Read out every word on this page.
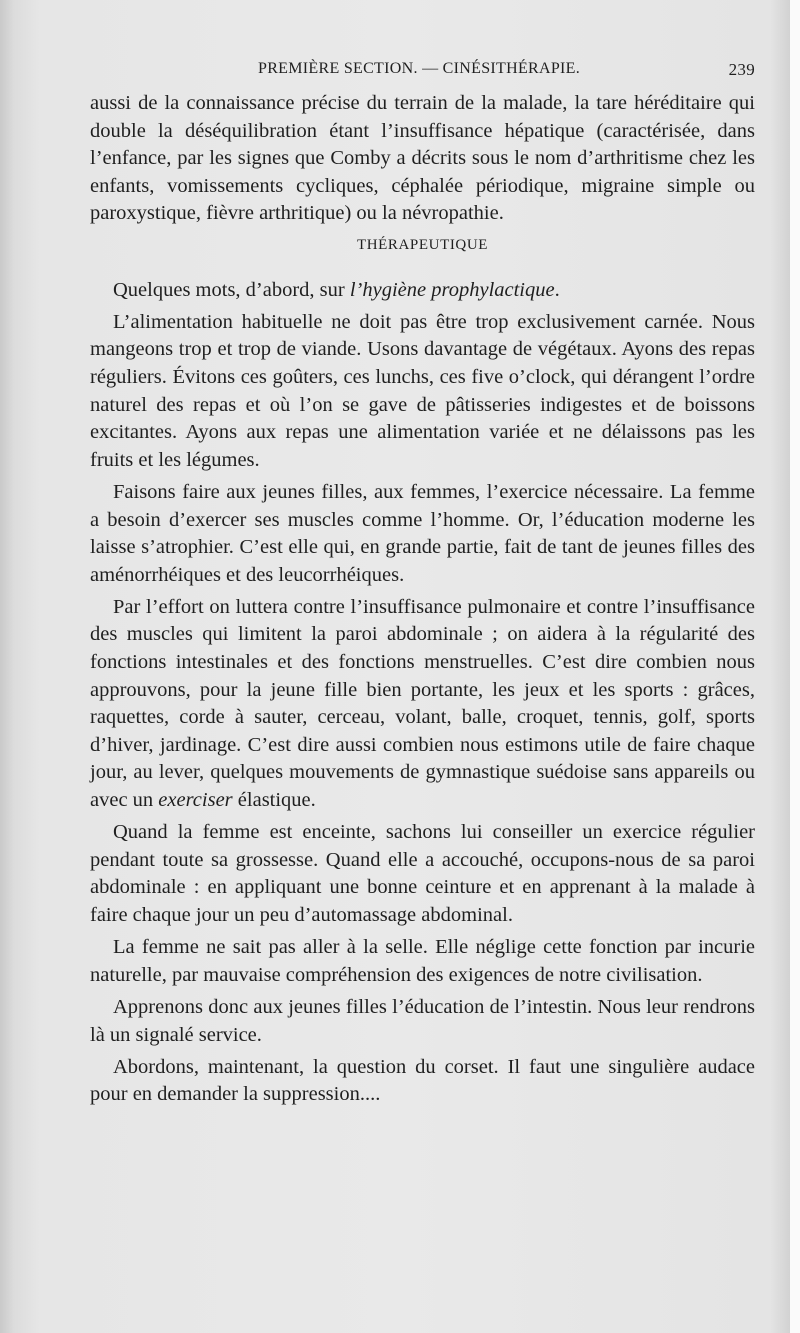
PREMIÈRE SECTION. — CINÉSITHÉRAPIE.	239

aussi de la connaissance précise du terrain de la malade, la tare héréditaire qui double la déséquilibration étant l’insuffisance hépatique (caractérisée, dans l’enfance, par les signes que Comby a décrits sous le nom d’arthritisme chez les enfants, vomissements cycliques, céphalée périodique, migraine simple ou paroxystique, fièvre arthritique) ou la névropathie.

THÉRAPEUTIQUE

Quelques mots, d’abord, sur l’hygiène prophylactique.

L’alimentation habituelle ne doit pas être trop exclusivement carnée. Nous mangeons trop et trop de viande. Usons davantage de végétaux. Ayons des repas réguliers. Évitons ces goûters, ces lunchs, ces five o’clock, qui dérangent l’ordre naturel des repas et où l’on se gave de pâtisseries indigestes et de boissons excitantes. Ayons aux repas une alimentation variée et ne délaissons pas les fruits et les légumes.

Faisons faire aux jeunes filles, aux femmes, l’exercice nécessaire. La femme a besoin d’exercer ses muscles comme l’homme. Or, l’éducation moderne les laisse s’atrophier. C’est elle qui, en grande partie, fait de tant de jeunes filles des aménorrhéiques et des leucorrhéiques.

Par l’effort on luttera contre l’insuffisance pulmonaire et contre l’insuffisance des muscles qui limitent la paroi abdominale ; on aidera à la régularité des fonctions intestinales et des fonctions menstruelles. C’est dire combien nous approuvons, pour la jeune fille bien portante, les jeux et les sports : grâces, raquettes, corde à sauter, cerceau, volant, balle, croquet, tennis, golf, sports d’hiver, jardinage. C’est dire aussi combien nous estimons utile de faire chaque jour, au lever, quelques mouvements de gymnastique suédoise sans appareils ou avec un exerciser élastique.

Quand la femme est enceinte, sachons lui conseiller un exercice régulier pendant toute sa grossesse. Quand elle a accouché, occupons-nous de sa paroi abdominale : en appliquant une bonne ceinture et en apprenant à la malade à faire chaque jour un peu d’automassage abdominal.

La femme ne sait pas aller à la selle. Elle néglige cette fonction par incurie naturelle, par mauvaise compréhension des exigences de notre civilisation.

Apprenons donc aux jeunes filles l’éducation de l’intestin. Nous leur rendrons là un signalé service.

Abordons, maintenant, la question du corset. Il faut une singulière audace pour en demander la suppression....
